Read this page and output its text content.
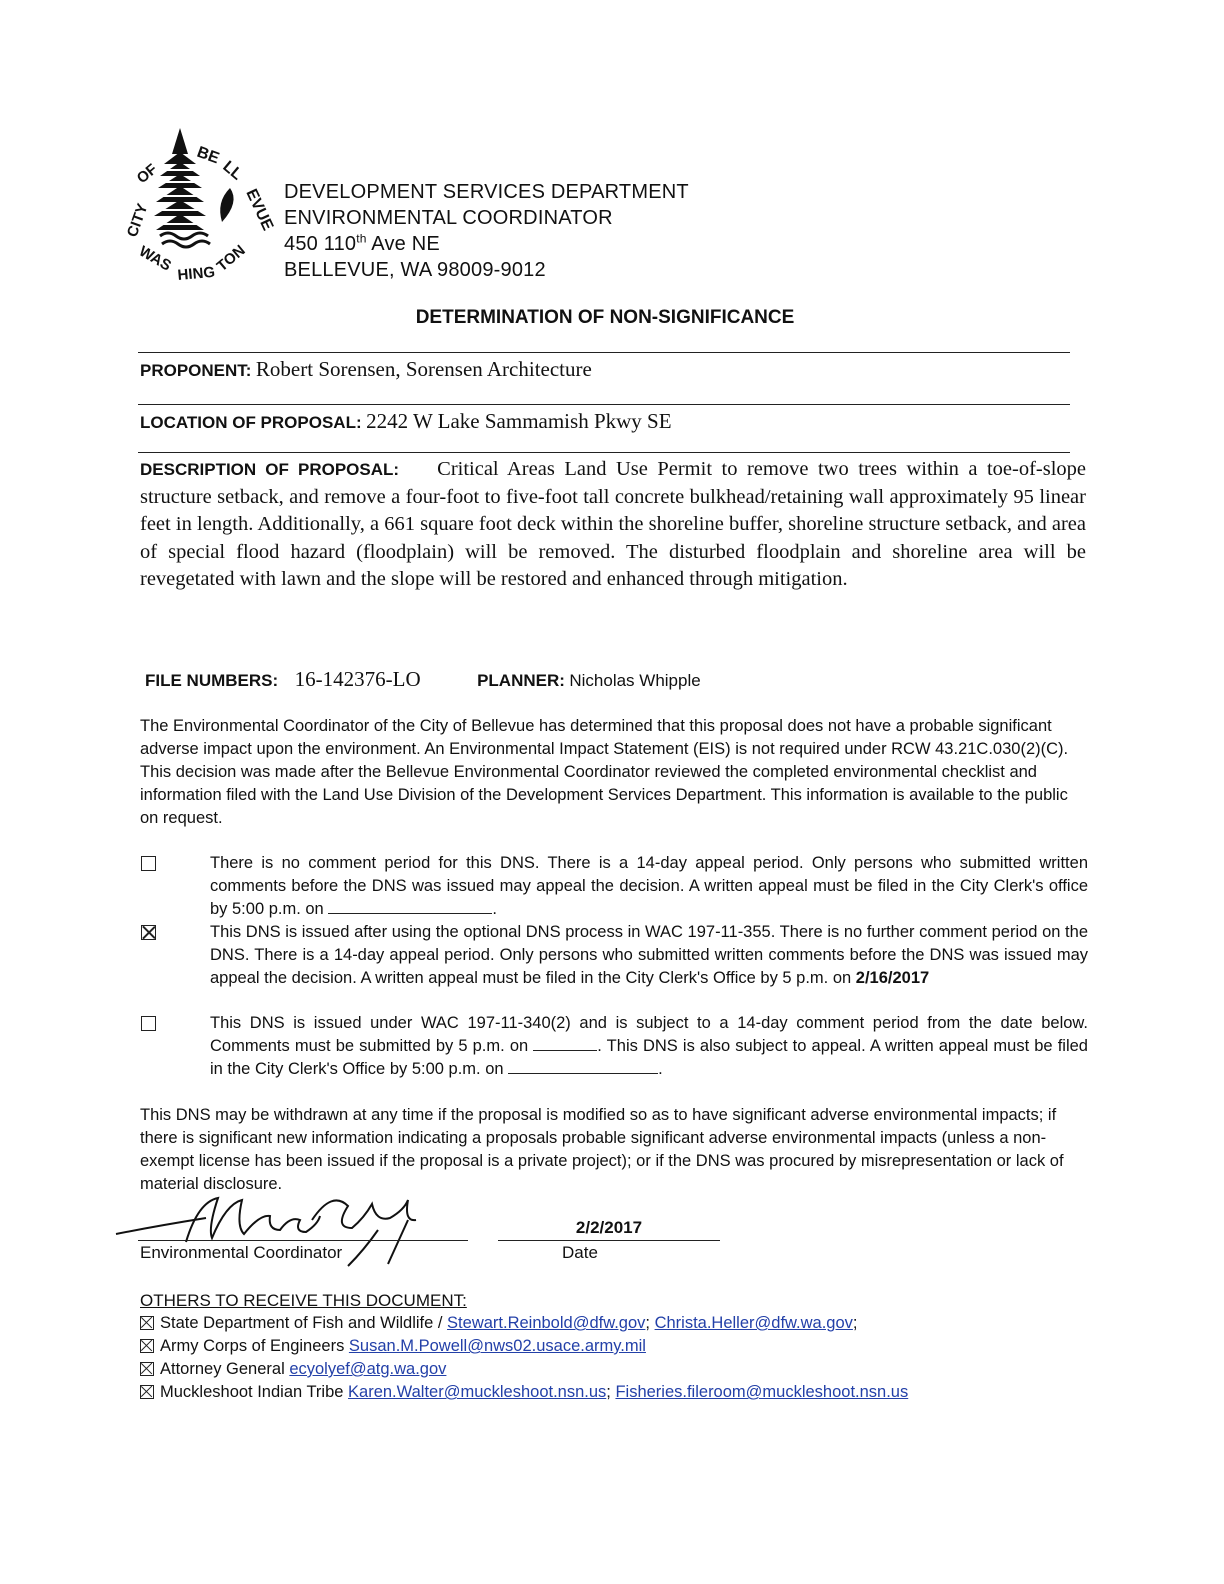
CITY
OF
BE
LL
EVUE
WAS HING
TON
DEVELOPMENT SERVICES DEPARTMENT
ENVIRONMENTAL COORDINATOR
450 110th Ave NE
BELLEVUE, WA 98009-9012
DETERMINATION OF NON-SIGNIFICANCE
PROPONENT: Robert Sorensen, Sorensen Architecture
LOCATION OF PROPOSAL: 2242 W Lake Sammamish Pkwy SE
DESCRIPTION OF PROPOSAL: Critical Areas Land Use Permit to remove two trees within a toe-of-slope structure setback, and remove a four-foot to five-foot tall concrete bulkhead/retaining wall approximately 95 linear feet in length. Additionally, a 661 square foot deck within the shoreline buffer, shoreline structure setback, and area of special flood hazard (floodplain) will be removed. The disturbed floodplain and shoreline area will be revegetated with lawn and the slope will be restored and enhanced through mitigation.
FILE NUMBERS: 16-142376-LO	PLANNER: Nicholas Whipple
The Environmental Coordinator of the City of Bellevue has determined that this proposal does not have a probable significant adverse impact upon the environment. An Environmental Impact Statement (EIS) is not required under RCW 43.21C.030(2)(C). This decision was made after the Bellevue Environmental Coordinator reviewed the completed environmental checklist and information filed with the Land Use Division of the Development Services Department. This information is available to the public on request.
There is no comment period for this DNS. There is a 14-day appeal period. Only persons who submitted written comments before the DNS was issued may appeal the decision. A written appeal must be filed in the City Clerk's office by 5:00 p.m. on	.
This DNS is issued after using the optional DNS process in WAC 197-11-355. There is no further comment period on the DNS. There is a 14-day appeal period. Only persons who submitted written comments before the DNS was issued may appeal the decision. A written appeal must be filed in the City Clerk's Office by 5 p.m. on 2/16/2017
This DNS is issued under WAC 197-11-340(2) and is subject to a 14-day comment period from the date below. Comments must be submitted by 5 p.m. on	. This DNS is also subject to appeal. A written appeal must be filed in the City Clerk's Office by 5:00 p.m. on	.
This DNS may be withdrawn at any time if the proposal is modified so as to have significant adverse environmental impacts; if there is significant new information indicating a proposals probable significant adverse environmental impacts (unless a non-exempt license has been issued if the proposal is a private project); or if the DNS was procured by misrepresentation or lack of material disclosure.
Environmental Coordinator
2/2/2017
Date
OTHERS TO RECEIVE THIS DOCUMENT:
State Department of Fish and Wildlife / Stewart.Reinbold@dfw.gov; Christa.Heller@dfw.wa.gov;
Army Corps of Engineers Susan.M.Powell@nws02.usace.army.mil
Attorney General ecyolyef@atg.wa.gov
Muckleshoot Indian Tribe Karen.Walter@muckleshoot.nsn.us; Fisheries.fileroom@muckleshoot.nsn.us
